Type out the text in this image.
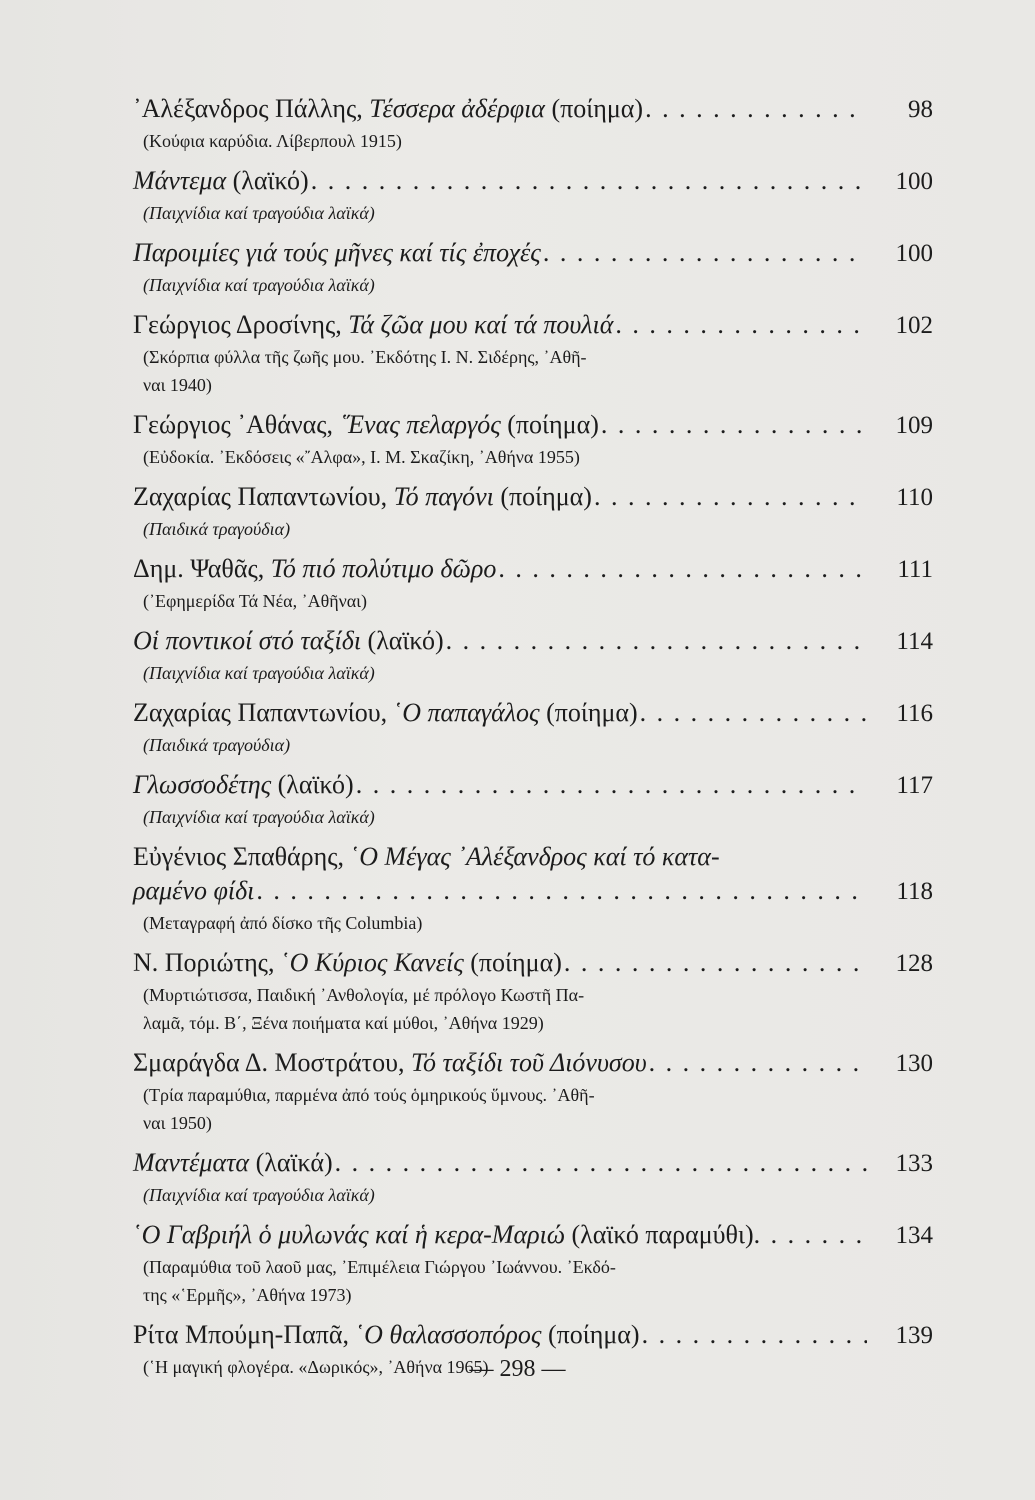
᾿Αλέξανδρος Πάλλης, Τέσσερα ἀδέρφια (ποίημα) . . .	98
(Κούφια καρύδια. Λίβερπουλ 1915)
Μάντεμα (λαϊκό) . . .	100
(Παιχνίδια καί τραγούδια λαϊκά)
Παροιμίες γιά τούς μῆνες καί τίς ἐποχές . . .	100
(Παιχνίδια καί τραγούδια λαϊκά)
Γεώργιος Δροσίνης, Τά ζῶα μου καί τά πουλιά . . .	102
(Σκόρπια φύλλα τῆς ζωῆς μου. ᾿Εκδότης Ι. Ν. Σιδέρης, ᾿Αθῆ-
ναι 1940)
Γεώργιος ᾿Αθάνας, ῞Ενας πελαργός (ποίημα) . . .	109
(Εὐδοκία. ᾿Εκδόσεις «῎Αλφα», Ι. Μ. Σκαζίκη, ᾿Αθήνα 1955)
Ζαχαρίας Παπαντωνίου, Τό παγόνι (ποίημα) . . .	110
(Παιδικά τραγούδια)
Δημ. Ψαθᾶς, Τό πιό πολύτιμο δῶρο . . .	111
(᾿Εφημερίδα Τά Νέα, ᾿Αθῆναι)
Οἱ ποντικοί στό ταξίδι (λαϊκό) . . .	114
(Παιχνίδια καί τραγούδια λαϊκά)
Ζαχαρίας Παπαντωνίου, ῾Ο παπαγάλος (ποίημα) . . .	116
(Παιδικά τραγούδια)
Γλωσσοδέτης (λαϊκό) . . .	117
(Παιχνίδια καί τραγούδια λαϊκά)
Εὐγένιος Σπαθάρης, ῾Ο Μέγας ᾿Αλέξανδρος καί τό κατα-
ραμένο φίδι . . .	118
(Μεταγραφή ἀπό δίσκο τῆς Columbia)
Ν. Ποριώτης, ῾Ο Κύριος Κανείς (ποίημα) . . .	128
(Μυρτιώτισσα, Παιδική ᾿Ανθολογία, μέ πρόλογο Κωστῆ Πα-
λαμᾶ, τόμ. Β΄, Ξένα ποιήματα καί μύθοι, ᾿Αθήνα 1929)
Σμαράγδα Δ. Μοστράτου, Τό ταξίδι τοῦ Διόνυσου . . .	130
(Τρία παραμύθια, παρμένα ἀπό τούς ὁμηρικούς ὕμνους. ᾿Αθῆ-
ναι 1950)
Μαντέματα (λαϊκά) . . .	133
(Παιχνίδια καί τραγούδια λαϊκά)
῾Ο Γαβριήλ ὁ μυλωνάς καί ἡ κερα-Μαριώ (λαϊκό παραμύθι) . . .	134
(Παραμύθια τοῦ λαοῦ μας, ᾿Επιμέλεια Γιώργου ᾿Ιωάννου. ᾿Εκδό-
της «῾Ερμῆς», ᾿Αθήνα 1973)
Ρίτα Μπούμη-Παπᾶ, ῾Ο θαλασσοπόρος (ποίημα) . . .	139
(῾Η μαγική φλογέρα. «Δωρικός», ᾿Αθήνα 1965)
— 298 —
